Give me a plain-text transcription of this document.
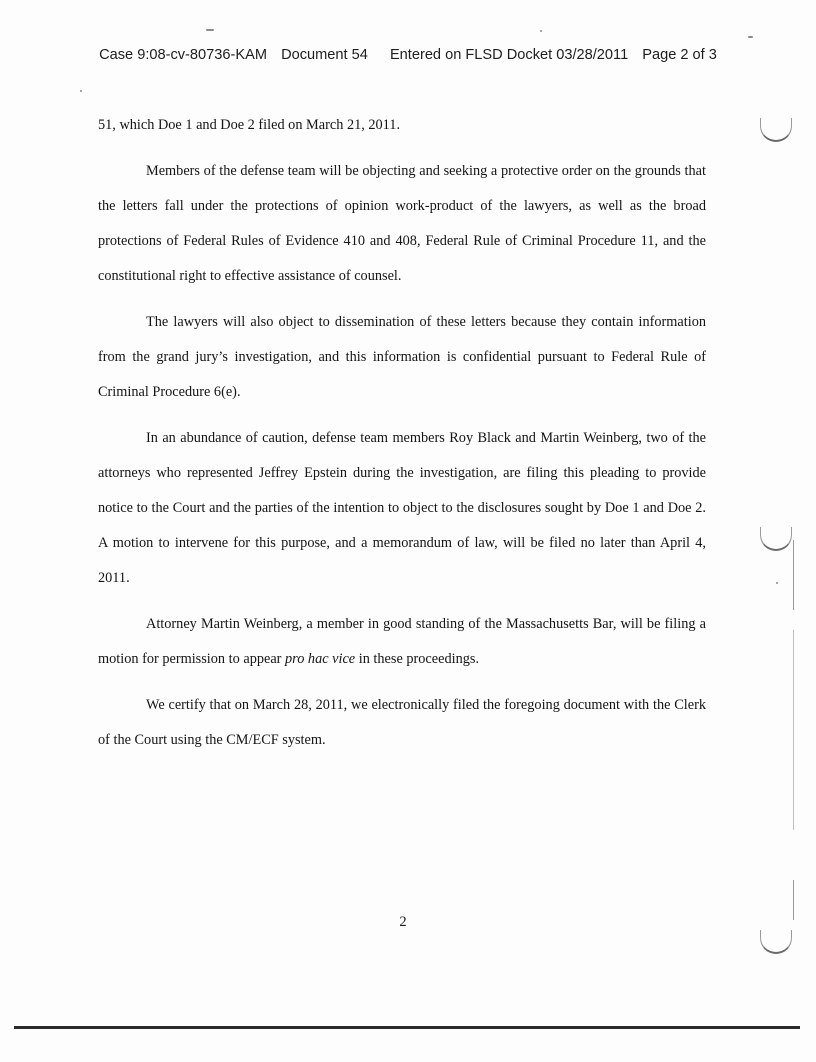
Case 9:08-cv-80736-KAM Document 54 Entered on FLSD Docket 03/28/2011 Page 2 of 3

51, which Doe 1 and Doe 2 filed on March 21, 2011.

Members of the defense team will be objecting and seeking a protective order on the grounds that the letters fall under the protections of opinion work-product of the lawyers, as well as the broad protections of Federal Rules of Evidence 410 and 408, Federal Rule of Criminal Procedure 11, and the constitutional right to effective assistance of counsel.

The lawyers will also object to dissemination of these letters because they contain information from the grand jury’s investigation, and this information is confidential pursuant to Federal Rule of Criminal Procedure 6(e).

In an abundance of caution, defense team members Roy Black and Martin Weinberg, two of the attorneys who represented Jeffrey Epstein during the investigation, are filing this pleading to provide notice to the Court and the parties of the intention to object to the disclosures sought by Doe 1 and Doe 2. A motion to intervene for this purpose, and a memorandum of law, will be filed no later than April 4, 2011.

Attorney Martin Weinberg, a member in good standing of the Massachusetts Bar, will be filing a motion for permission to appear pro hac vice in these proceedings.

We certify that on March 28, 2011, we electronically filed the foregoing document with the Clerk of the Court using the CM/ECF system.

2
